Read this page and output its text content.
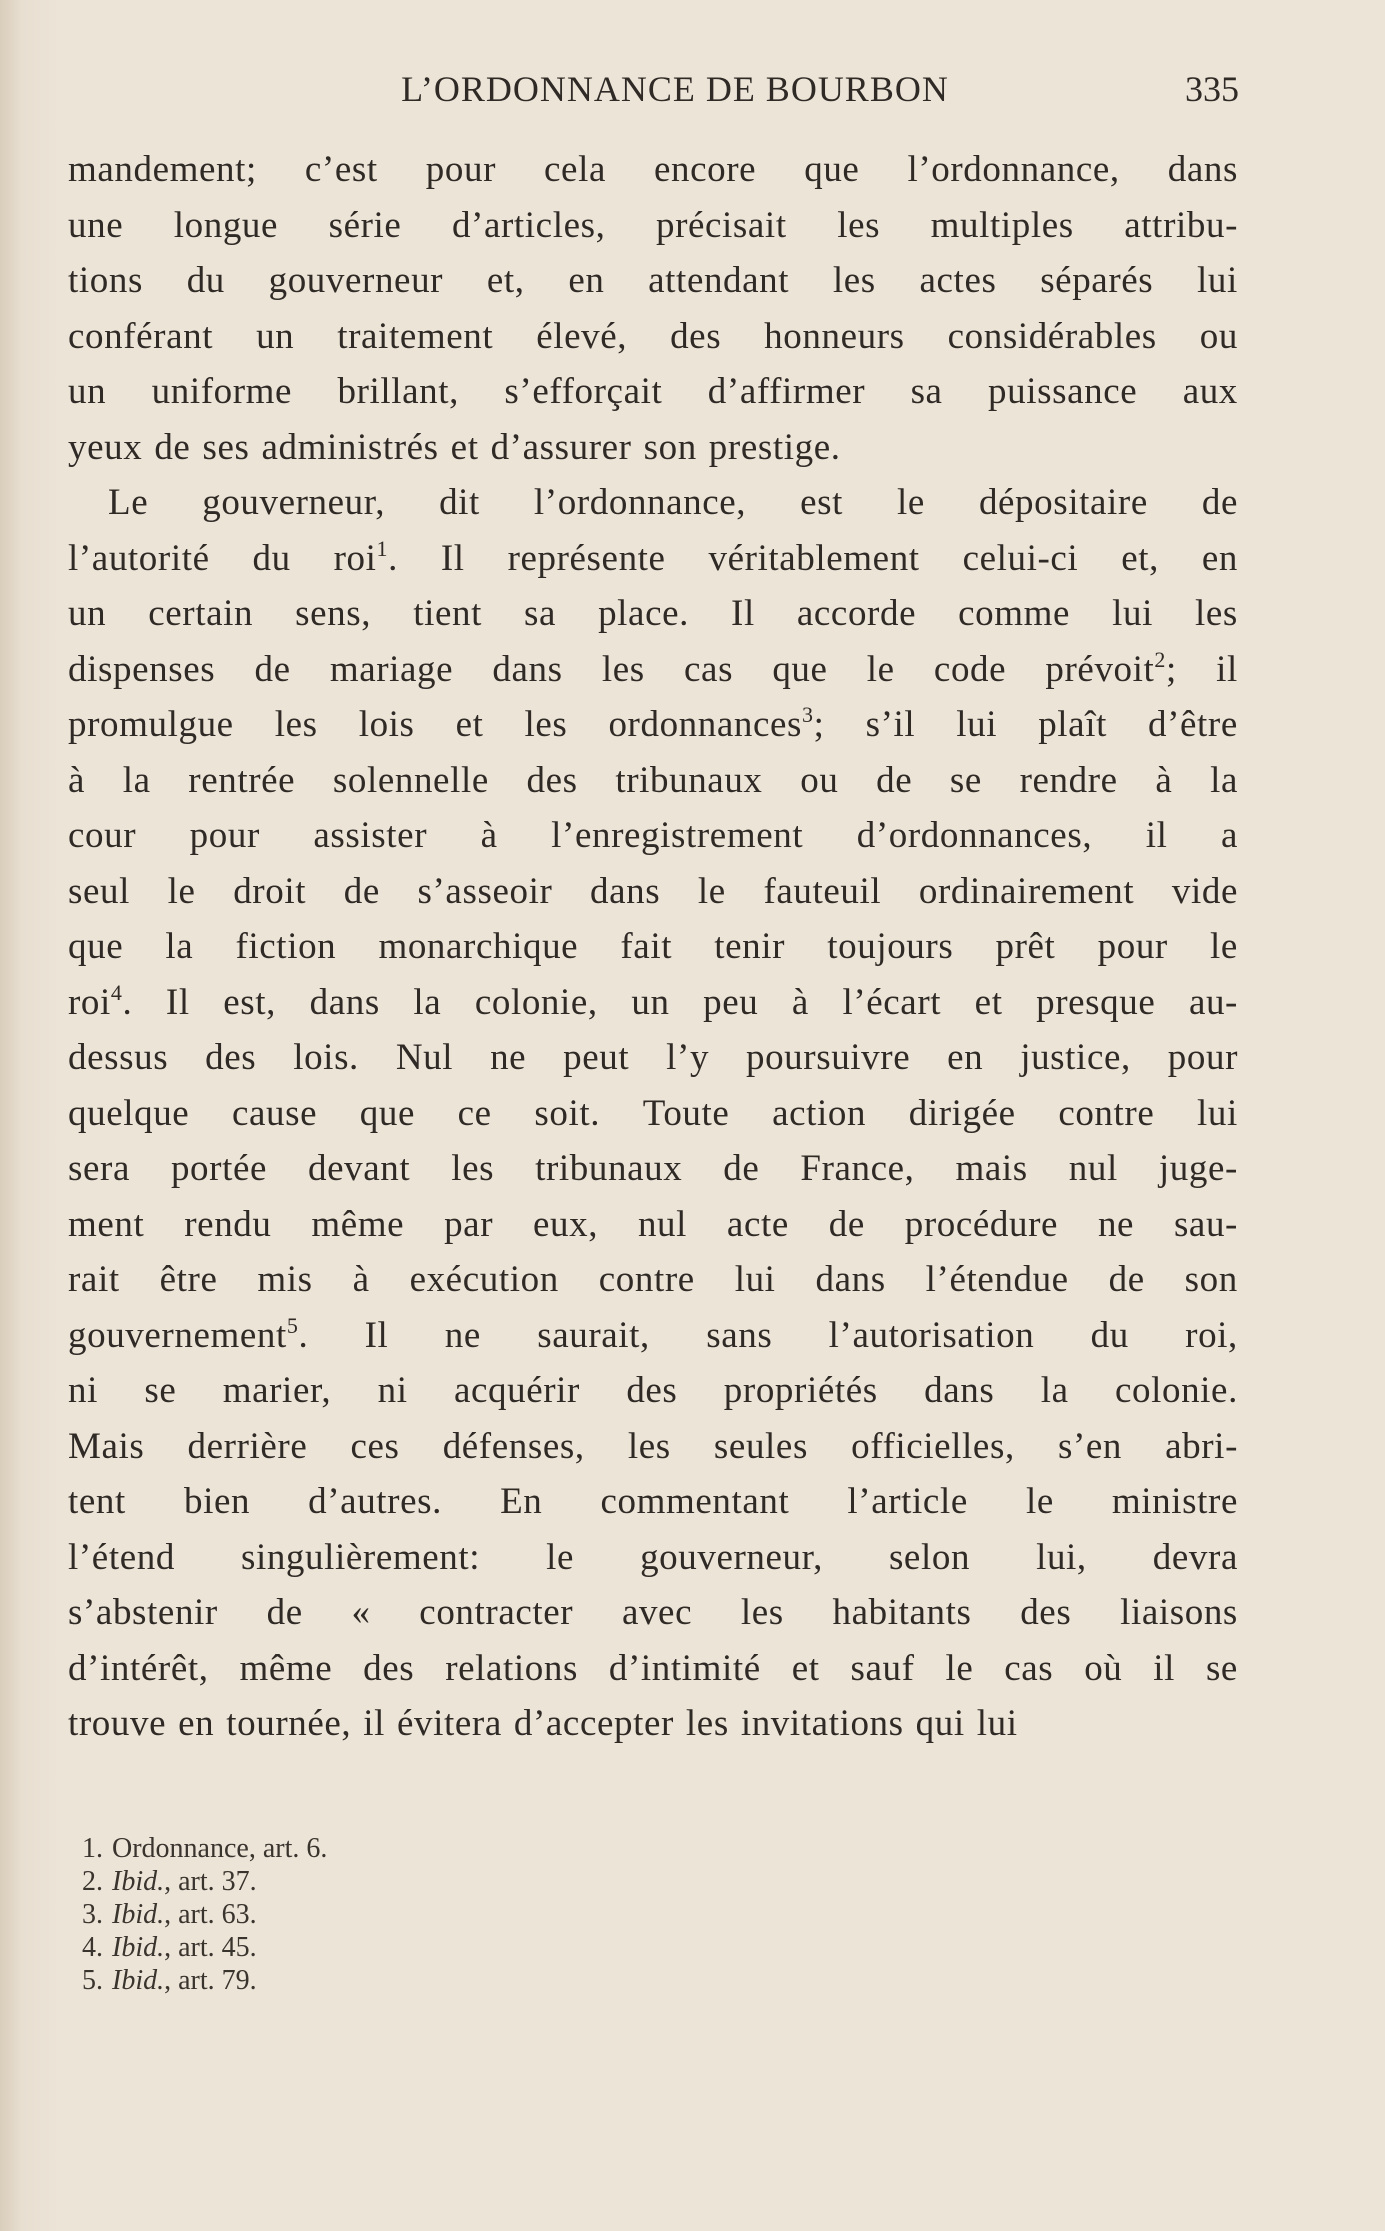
L’ORDONNANCE DE BOURBON	335
mandement; c’est pour cela encore que l’ordonnance, dans
une longue série d’articles, précisait les multiples attribu-
tions du gouverneur et, en attendant les actes séparés lui
conférant un traitement élevé, des honneurs considérables ou
un uniforme brillant, s’efforçait d’affirmer sa puissance aux
yeux de ses administrés et d’assurer son prestige.
Le gouverneur, dit l’ordonnance, est le dépositaire de
l’autorité du roi$^1$. Il représente véritablement celui-ci et, en
un certain sens, tient sa place. Il accorde comme lui les
dispenses de mariage dans les cas que le code prévoit$^2$; il
promulgue les lois et les ordonnances$^3$; s’il lui plaît d’être
à la rentrée solennelle des tribunaux ou de se rendre à la
cour pour assister à l’enregistrement d’ordonnances, il a
seul le droit de s’asseoir dans le fauteuil ordinairement vide
que la fiction monarchique fait tenir toujours prêt pour le
roi$^4$. Il est, dans la colonie, un peu à l’écart et presque au-
dessus des lois. Nul ne peut l’y poursuivre en justice, pour
quelque cause que ce soit. Toute action dirigée contre lui
sera portée devant les tribunaux de France, mais nul juge-
ment rendu même par eux, nul acte de procédure ne sau-
rait être mis à exécution contre lui dans l’étendue de son
gouvernement$^5$. Il ne saurait, sans l’autorisation du roi,
ni se marier, ni acquérir des propriétés dans la colonie.
Mais derrière ces défenses, les seules officielles, s’en abri-
tent bien d’autres. En commentant l’article le ministre
l’étend singulièrement: le gouverneur, selon lui, devra
s’abstenir de « contracter avec les habitants des liaisons
d’intérêt, même des relations d’intimité et sauf le cas où il se
trouve en tournée, il évitera d’accepter les invitations qui lui
1. Ordonnance, art. 6.
2. Ibid., art. 37.
3. Ibid., art. 63.
4. Ibid., art. 45.
5. Ibid., art. 79.
